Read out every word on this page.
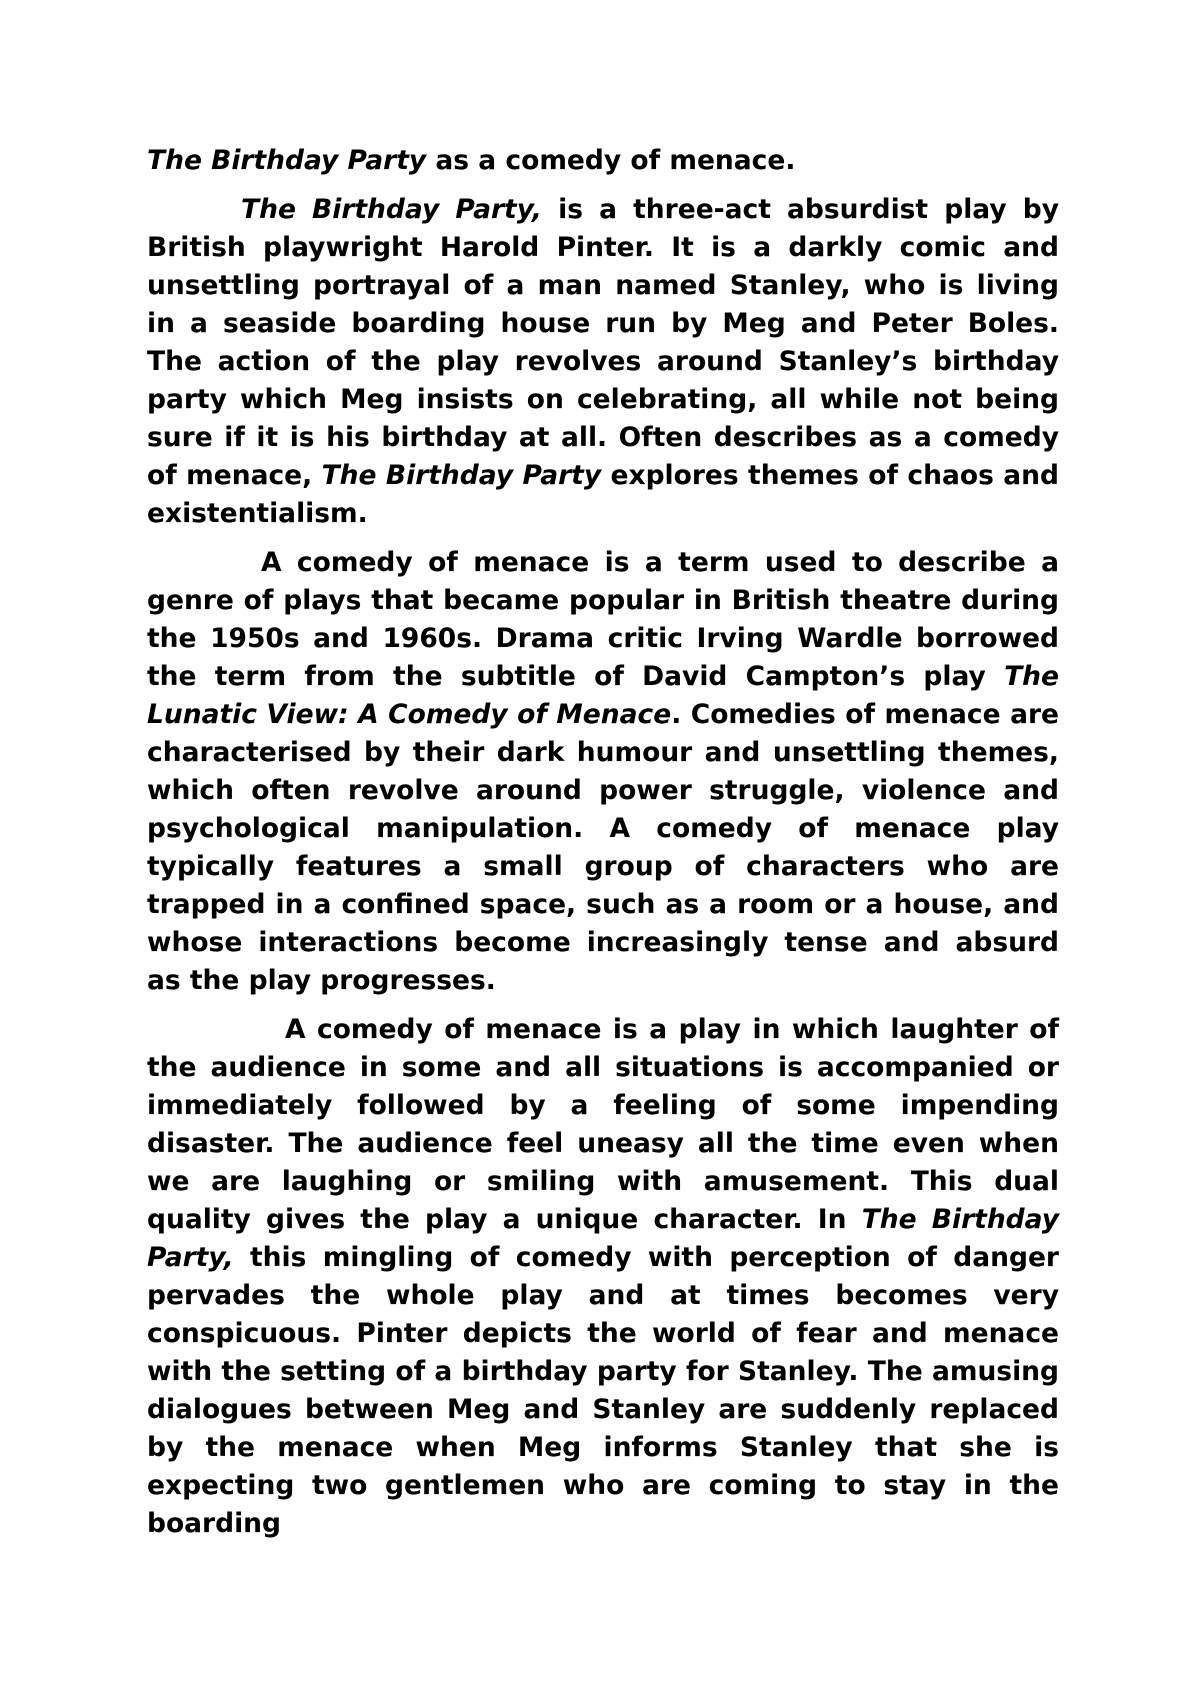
The Birthday Party as a comedy of menace.

The Birthday Party, is a three-act absurdist play by British playwright Harold Pinter. It is a darkly comic and unsettling portrayal of a man named Stanley, who is living in a seaside boarding house run by Meg and Peter Boles. The action of the play revolves around Stanley’s birthday party which Meg insists on celebrating, all while not being sure if it is his birthday at all. Often describes as a comedy of menace, The Birthday Party explores themes of chaos and existentialism.

A comedy of menace is a term used to describe a genre of plays that became popular in British theatre during the 1950s and 1960s. Drama critic Irving Wardle borrowed the term from the subtitle of David Campton’s play The Lunatic View: A Comedy of Menace. Comedies of menace are characterised by their dark humour and unsettling themes, which often revolve around power struggle, violence and psychological manipulation. A comedy of menace play typically features a small group of characters who are trapped in a confined space, such as a room or a house, and whose interactions become increasingly tense and absurd as the play progresses.

A comedy of menace is a play in which laughter of the audience in some and all situations is accompanied or immediately followed by a feeling of some impending disaster. The audience feel uneasy all the time even when we are laughing or smiling with amusement. This dual quality gives the play a unique character. In The Birthday Party, this mingling of comedy with perception of danger pervades the whole play and at times becomes very conspicuous. Pinter depicts the world of fear and menace with the setting of a birthday party for Stanley. The amusing dialogues between Meg and Stanley are suddenly replaced by the menace when Meg informs Stanley that she is expecting two gentlemen who are coming to stay in the boarding
